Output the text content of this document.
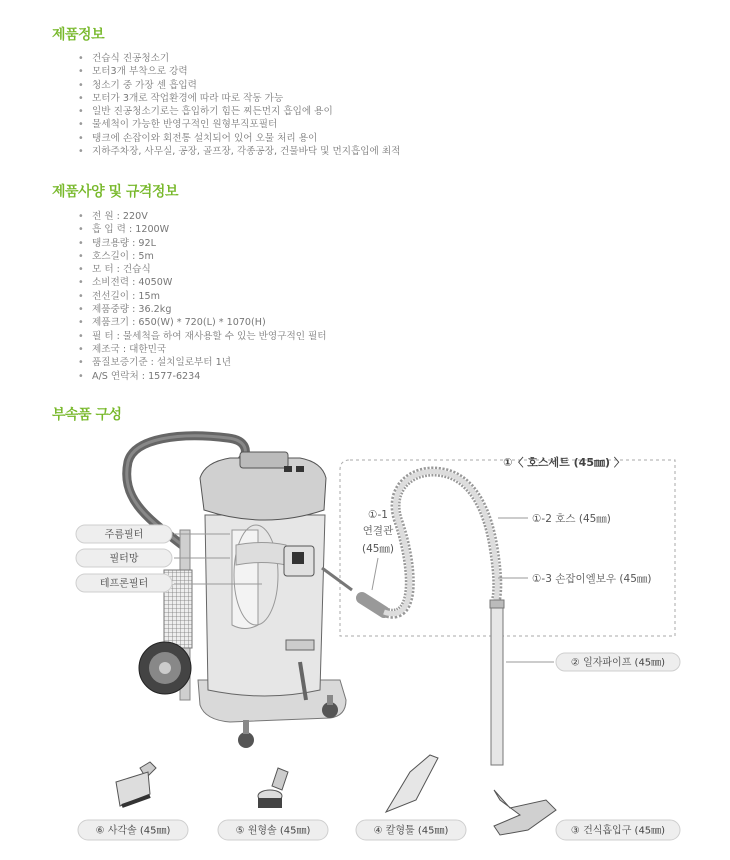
제품정보
• 건습식 진공청소기
• 모터3개 부착으로 강력
• 청소기 중 가장 센 흡입력
• 모터가 3개로 작업환경에 따라 따로 작동 가능
• 일반 진공청소기로는 흡입하기 힘든 찌든먼지 흡입에 용이
• 물세척이 가능한 반영구적인 원형부직포필터
• 탱크에 손잡이와 회전통 설치되어 있어 오물 처리 용이
• 지하주차장, 사무실, 공장, 골프장, 각종공장, 건물바닥 및 먼지흡입에 최적
제품사양 및 규격정보
• 전 원 : 220V
• 흡 입 력 : 1200W
• 탱크용량 : 92L
• 호스길이 : 5m
• 모 터 : 건습식
• 소비전력 : 4050W
• 전선길이 : 15m
• 제품중량 : 36.2kg
• 제품크기 : 650(W) * 720(L) * 1070(H)
• 필 터 : 물세척을 하여 재사용할 수 있는 반영구적인 필터
• 제조국 : 대한민국
• 품질보증기준 : 설치일로부터 1년
• A/S 연락처 : 1577-6234
부속품 구성
주름필터
필터망
테프론필터
①〈 호스세트 (45㎜) 〉
①-1
연결관
(45㎜)
①-2 호스 (45㎜)
①-3 손잡이엘보우 (45㎜)
② 일자파이프 (45㎜)
⑥ 사각솔 (45㎜)	⑤ 원형솔 (45㎜)	④ 칼형툴 (45㎜)	③ 건식흡입구 (45㎜)
